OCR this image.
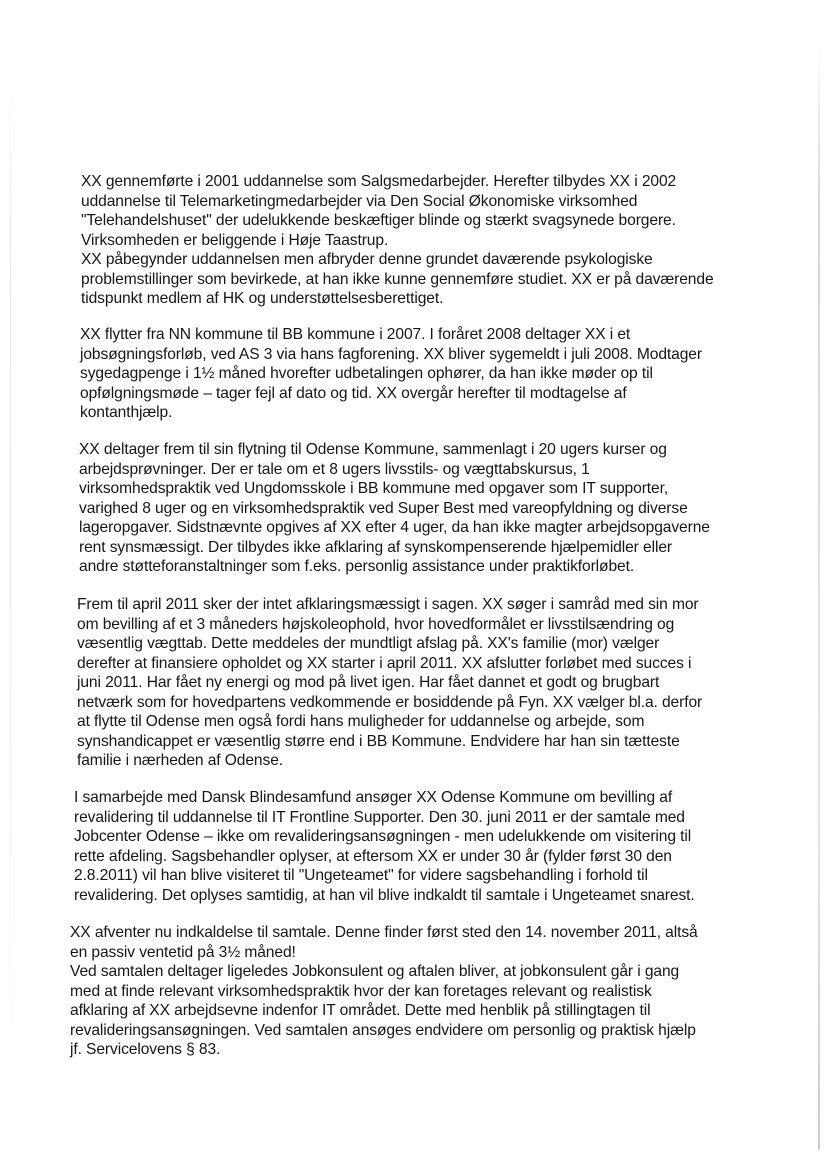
XX gennemførte i 2001 uddannelse som Salgsmedarbejder. Herefter tilbydes XX i 2002
uddannelse til Telemarketingmedarbejder via Den Social Økonomiske virksomhed
"Telehandelshuset" der udelukkende beskæftiger blinde og stærkt svagsynede borgere.
Virksomheden er beliggende i Høje Taastrup.
XX påbegynder uddannelsen men afbryder denne grundet daværende psykologiske
problemstillinger som bevirkede, at han ikke kunne gennemføre studiet. XX er på daværende
tidspunkt medlem af HK og understøttelsesberettiget.

XX flytter fra NN kommune til BB kommune i 2007. I foråret 2008 deltager XX i et
jobsøgningsforløb, ved AS 3 via hans fagforening. XX bliver sygemeldt i juli 2008. Modtager
sygedagpenge i 1½ måned hvorefter udbetalingen ophører, da han ikke møder op til
opfølgningsmøde – tager fejl af dato og tid. XX overgår herefter til modtagelse af
kontanthjælp.

XX deltager frem til sin flytning til Odense Kommune, sammenlagt i 20 ugers kurser og
arbejdsprøvninger. Der er tale om et 8 ugers livsstils- og vægttabskursus, 1
virksomhedspraktik ved Ungdomsskole i BB kommune med opgaver som IT supporter,
varighed 8 uger og en virksomhedspraktik ved Super Best med vareopfyldning og diverse
lageropgaver. Sidstnævnte opgives af XX efter 4 uger, da han ikke magter arbejdsopgaverne
rent synsmæssigt. Der tilbydes ikke afklaring af synskompenserende hjælpemidler eller
andre støtteforanstaltninger som f.eks. personlig assistance under praktikforløbet.

Frem til april 2011 sker der intet afklaringsmæssigt i sagen. XX søger i samråd med sin mor
om bevilling af et 3 måneders højskoleophold, hvor hovedformålet er livsstilsændring og
væsentlig vægttab. Dette meddeles der mundtligt afslag på. XX's familie (mor) vælger
derefter at finansiere opholdet og XX starter i april 2011. XX afslutter forløbet med succes i
juni 2011. Har fået ny energi og mod på livet igen. Har fået dannet et godt og brugbart
netværk som for hovedpartens vedkommende er bosiddende på Fyn. XX vælger bl.a. derfor
at flytte til Odense men også fordi hans muligheder for uddannelse og arbejde, som
synshandicappet er væsentlig større end i BB Kommune. Endvidere har han sin tætteste
familie i nærheden af Odense.

I samarbejde med Dansk Blindesamfund ansøger XX Odense Kommune om bevilling af
revalidering til uddannelse til IT Frontline Supporter. Den 30. juni 2011 er der samtale med
Jobcenter Odense – ikke om revalideringsansøgningen - men udelukkende om visitering til
rette afdeling. Sagsbehandler oplyser, at eftersom XX er under 30 år (fylder først 30 den
2.8.2011) vil han blive visiteret til "Ungeteamet" for videre sagsbehandling i forhold til
revalidering. Det oplyses samtidig, at han vil blive indkaldt til samtale i Ungeteamet snarest.

XX afventer nu indkaldelse til samtale. Denne finder først sted den 14. november 2011, altså
en passiv ventetid på 3½ måned!
Ved samtalen deltager ligeledes Jobkonsulent og aftalen bliver, at jobkonsulent går i gang
med at finde relevant virksomhedspraktik hvor der kan foretages relevant og realistisk
afklaring af XX arbejdsevne indenfor IT området. Dette med henblik på stillingtagen til
revalideringsansøgningen. Ved samtalen ansøges endvidere om personlig og praktisk hjælp
jf. Servicelovens § 83.
